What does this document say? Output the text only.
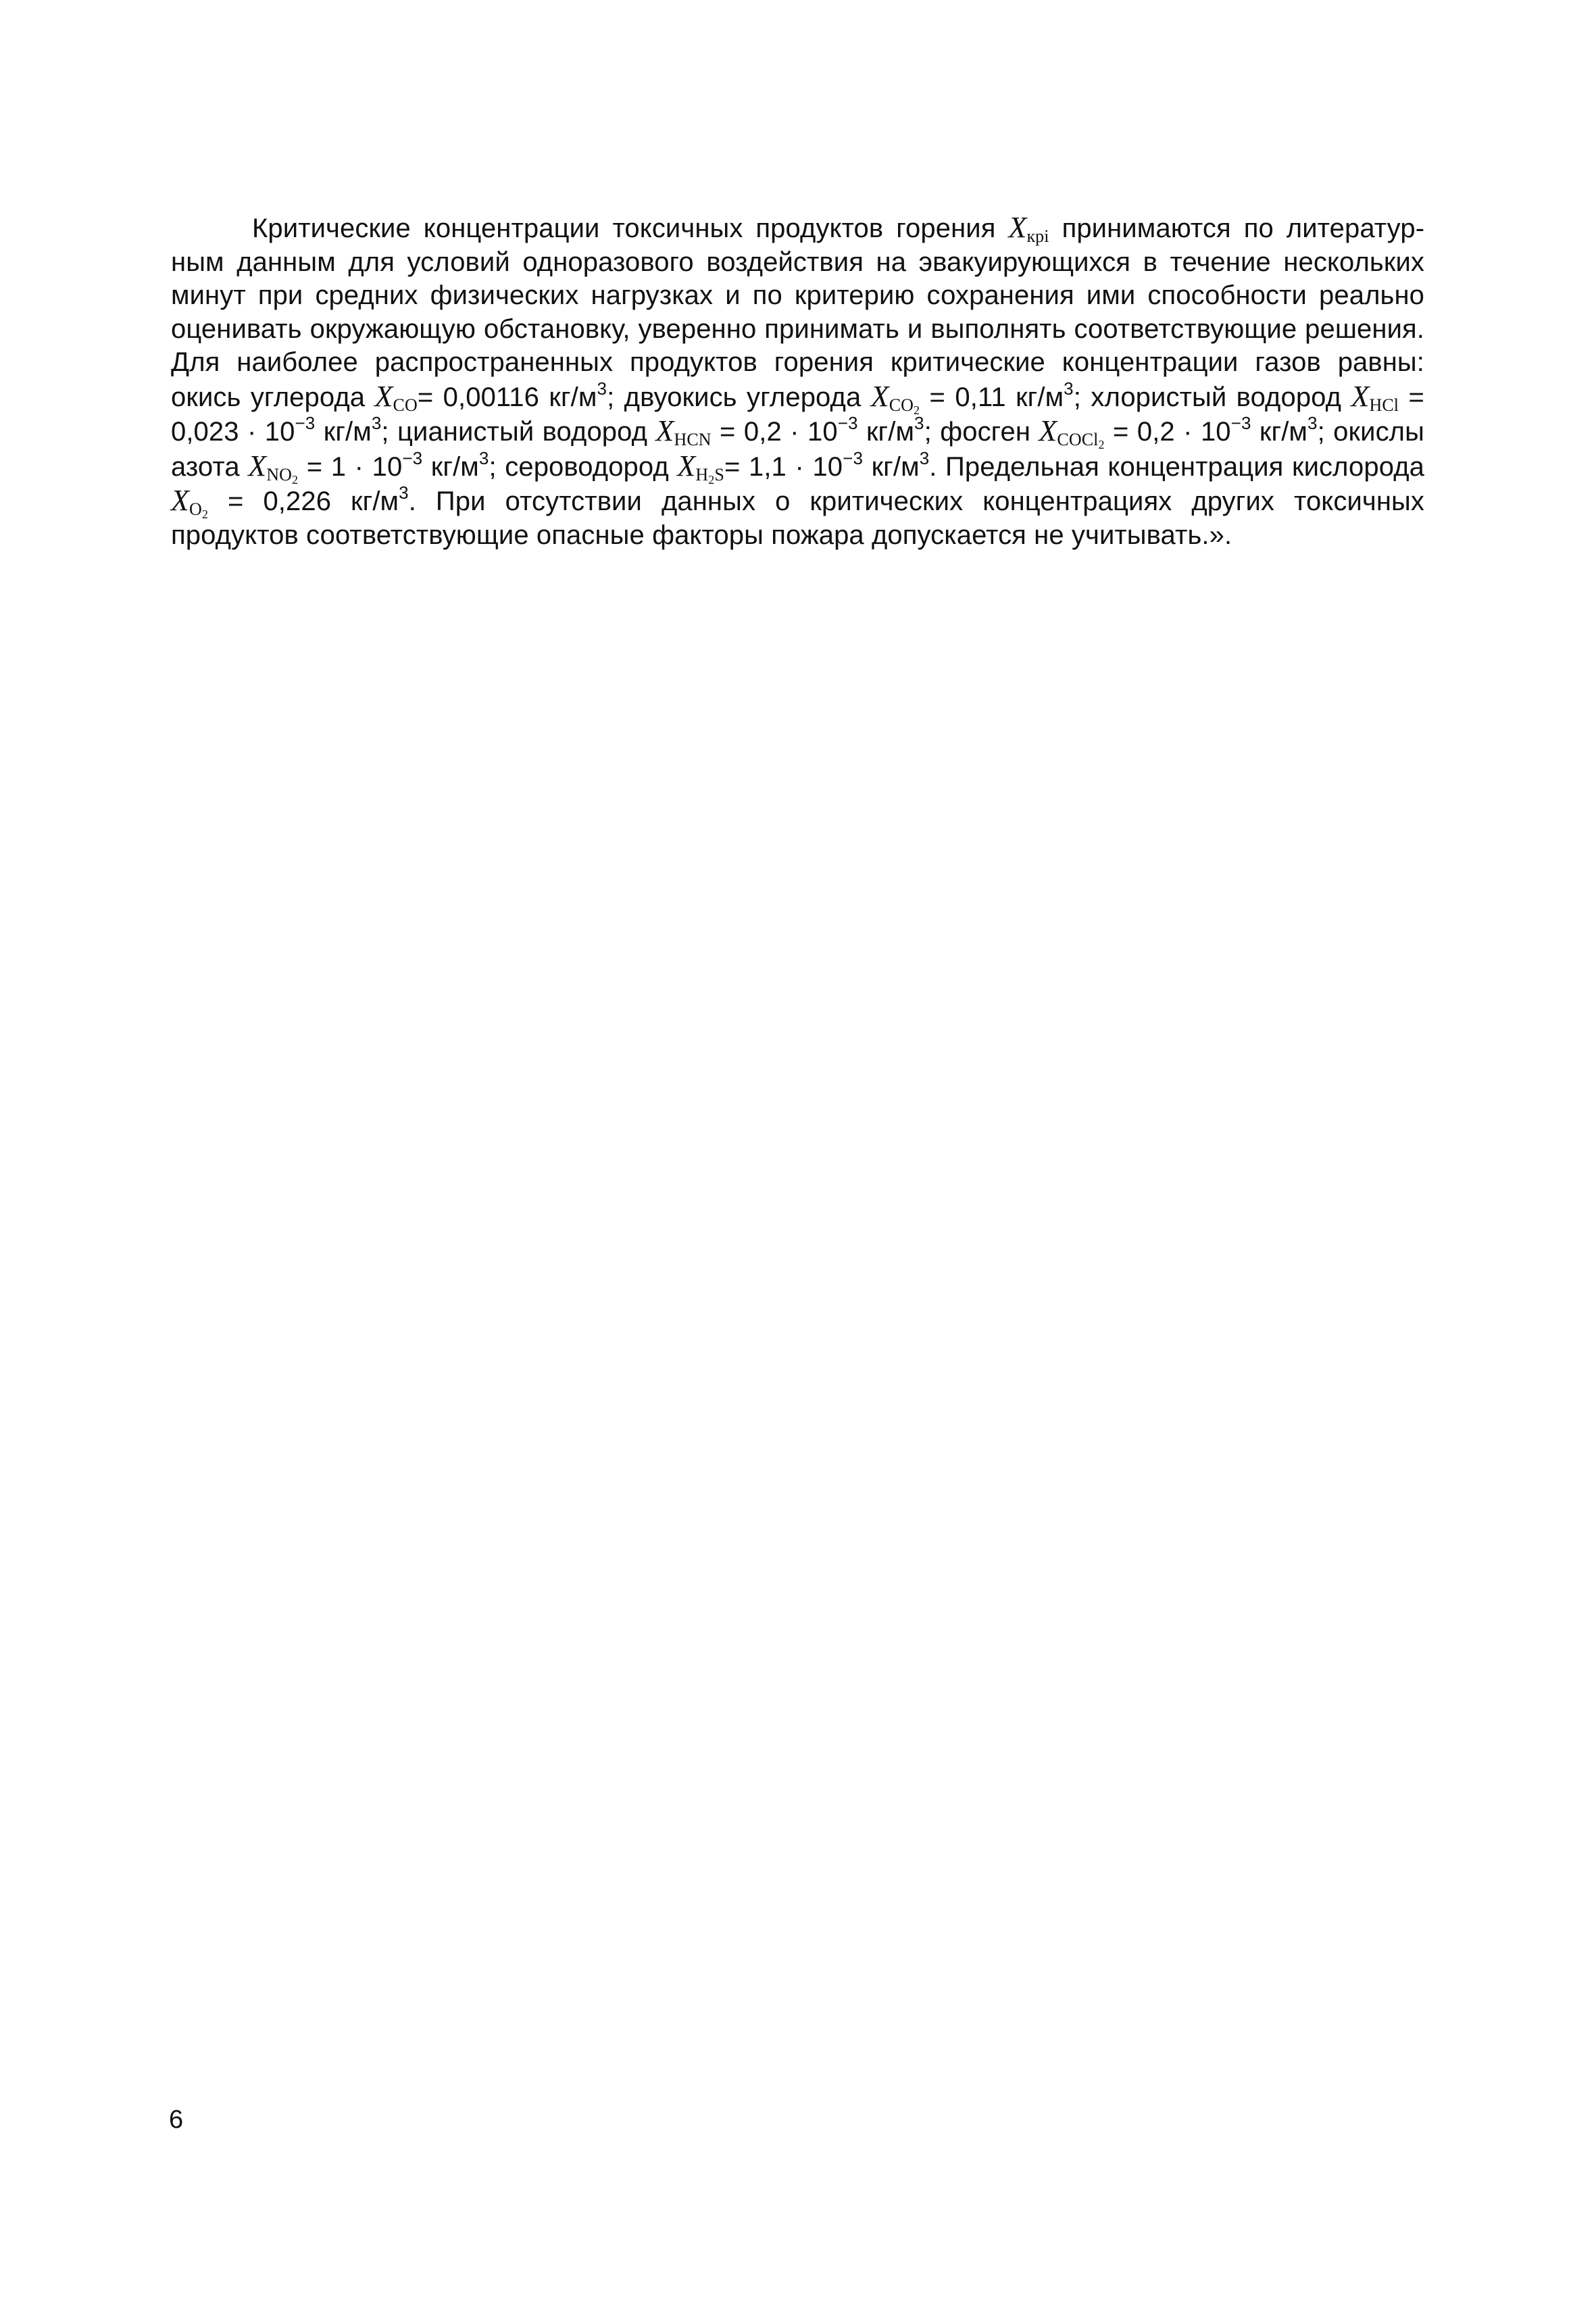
Критические концентрации токсичных продуктов горения $X_{крi}$ принимаются по литературным данным для условий одноразового воздействия на эвакуирующихся в течение нескольких минут при средних физических нагрузках и по критерию сохранения ими способности реально оценивать окружающую обстановку, уверенно принимать и выполнять соответствующие решения. Для наиболее распространенных продуктов горения критические концентрации газов равны: окись углерода $X_{CO}= 0,00116$ $кг/м^3$; двуокись углерода $X_{CO2} = 0,11$ $кг/м^3$; хлористый водород $X_{HCl} = 0,023 \cdot 10^{-3}$ $кг/м^3$; цианистый водород $X_{HCN} = 0,2 \cdot 10^{-3}$ $кг/м^3$; фосген $X_{COCl2} = 0,2 \cdot 10^{-3}$ $кг/м^3$; окислы азота $X_{NO2} = 1 \cdot 10^{-3}$ $кг/м^3$; сероводород $X_{H2S}= 1,1 \cdot 10^{-3}$ $кг/м^3$. Предельная концентрация кислорода $X_{O2} = 0,226$ $кг/м^3$. При отсутствии данных о критических концентрациях других токсичных продуктов соответствующие опасные факторы пожара допускается не учитывать.».

6
